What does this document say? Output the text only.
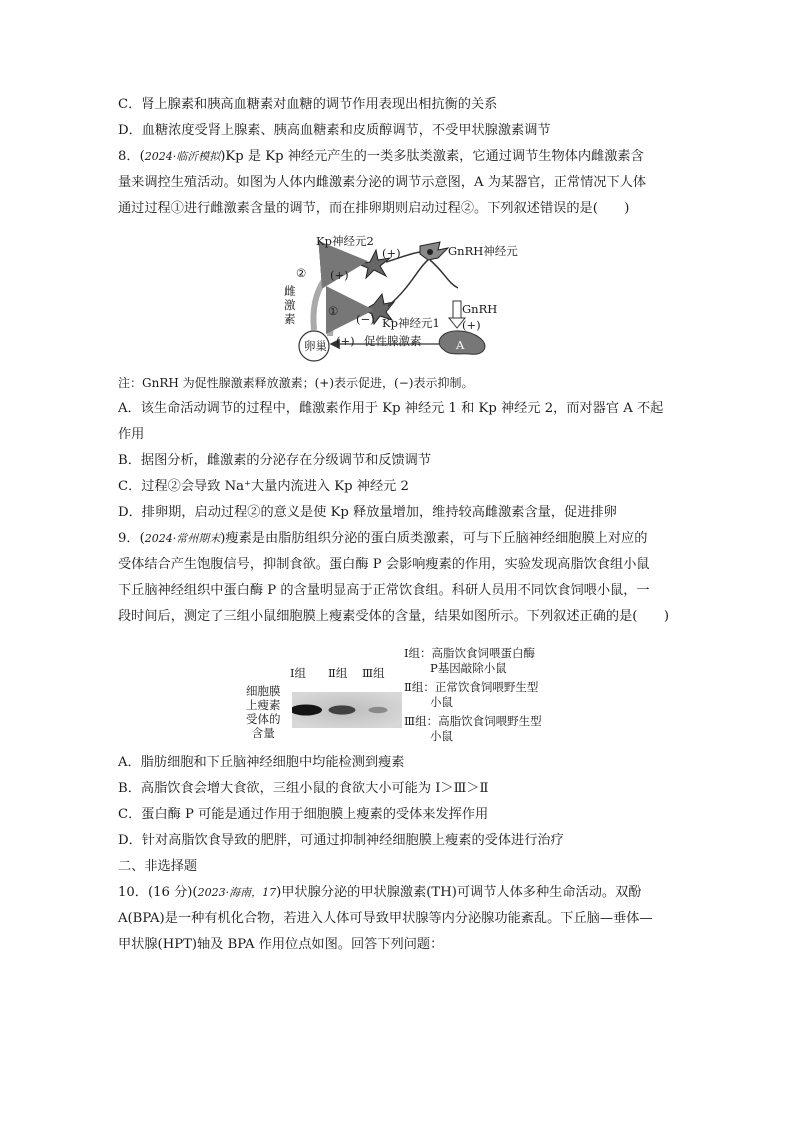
C．肾上腺素和胰高血糖素对血糖的调节作用表现出相抗衡的关系
D．血糖浓度受肾上腺素、胰高血糖素和皮质醇调节，不受甲状腺激素调节
8．(2024·临沂模拟)Kp 是 Kp 神经元产生的一类多肽类激素，它通过调节生物体内雌激素含
量来调控生殖活动。如图为人体内雌激素分泌的调节示意图，A 为某器官，正常情况下人体
通过过程①进行雌激素含量的调节，而在排卵期则启动过程②。下列叙述错误的是(　　)
Kp神经元2
(+)	GnRH神经元
(+)
②
雌
激
素
①
(−) Kp神经元1
GnRH
(+)
A
卵巢 (+) 促性腺激素
注：GnRH 为促性腺激素释放激素；(+)表示促进，(−)表示抑制。
A．该生命活动调节的过程中，雌激素作用于 Kp 神经元 1 和 Kp 神经元 2，而对器官 A 不起
作用
B．据图分析，雌激素的分泌存在分级调节和反馈调节
C．过程②会导致 Na⁺大量内流进入 Kp 神经元 2
D．排卵期，启动过程②的意义是使 Kp 释放量增加，维持较高雌激素含量，促进排卵
9．(2024·常州期末)瘦素是由脂肪组织分泌的蛋白质类激素，可与下丘脑神经细胞膜上对应的
受体结合产生饱腹信号，抑制食欲。蛋白酶 P 会影响瘦素的作用，实验发现高脂饮食组小鼠
下丘脑神经组织中蛋白酶 P 的含量明显高于正常饮食组。科研人员用不同饮食饲喂小鼠，一
段时间后，测定了三组小鼠细胞膜上瘦素受体的含量，结果如图所示。下列叙述正确的是(　　)
Ⅰ组 Ⅱ组 Ⅲ组
细胞膜
上瘦素
受体的
含量
Ⅰ组：高脂饮食饲喂蛋白酶
P基因敲除小鼠
Ⅱ组：正常饮食饲喂野生型
小鼠
Ⅲ组：高脂饮食饲喂野生型
小鼠
A．脂肪细胞和下丘脑神经细胞中均能检测到瘦素
B．高脂饮食会增大食欲，三组小鼠的食欲大小可能为 Ⅰ＞Ⅲ＞Ⅱ
C．蛋白酶 P 可能是通过作用于细胞膜上瘦素的受体来发挥作用
D．针对高脂饮食导致的肥胖，可通过抑制神经细胞膜上瘦素的受体进行治疗
二、非选择题
10．(16 分)(2023·海南，17)甲状腺分泌的甲状腺激素(TH)可调节人体多种生命活动。双酚
A(BPA)是一种有机化合物，若进入人体可导致甲状腺等内分泌腺功能紊乱。下丘脑—垂体—
甲状腺(HPT)轴及 BPA 作用位点如图。回答下列问题：
